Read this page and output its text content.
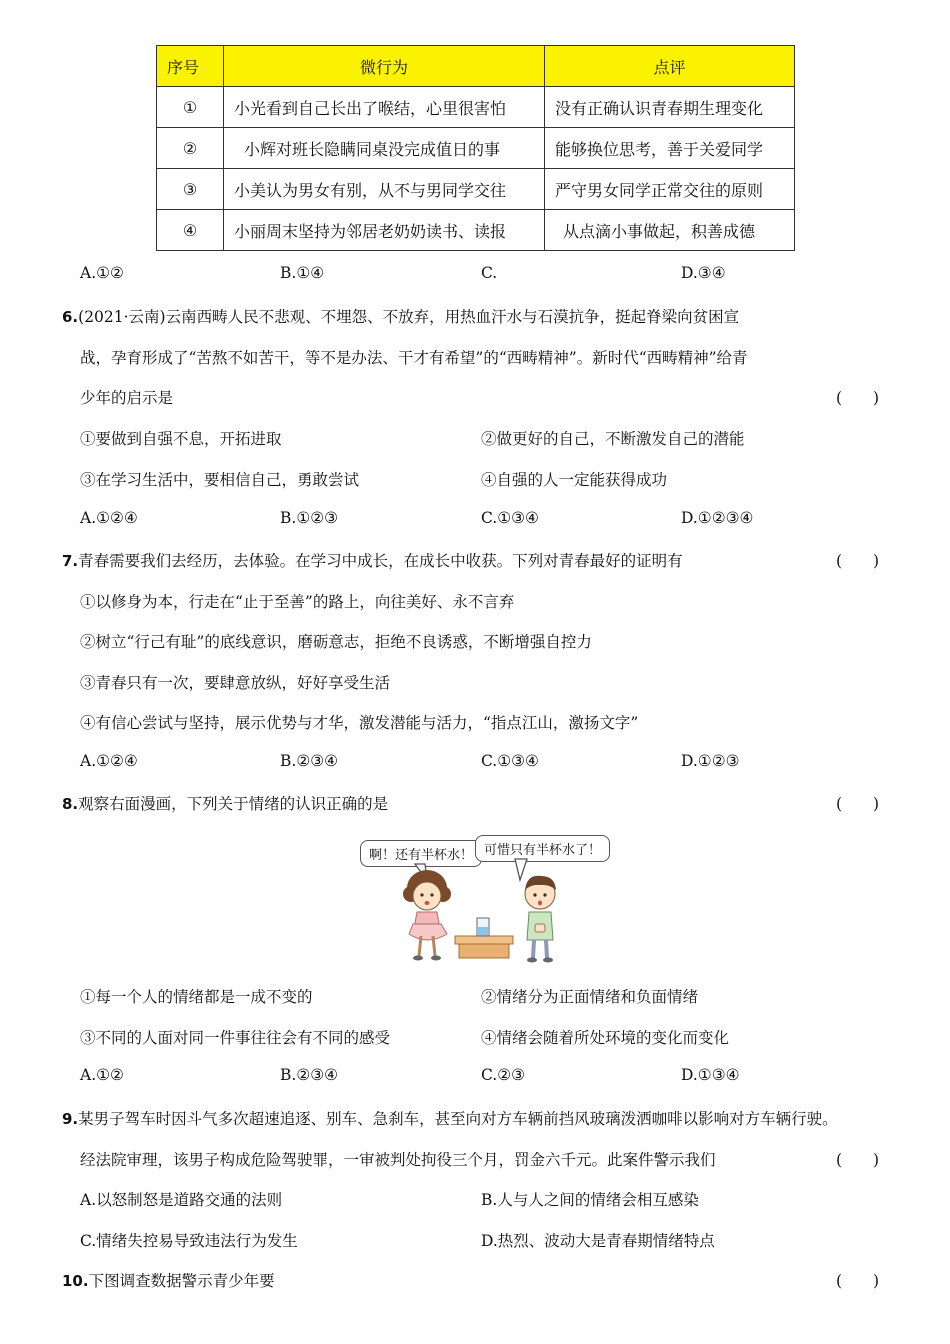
序号	微行为	点评
①	小光看到自己长出了喉结，心里很害怕	没有正确认识青春期生理变化
②	小辉对班长隐瞒同桌没完成值日的事	能够换位思考，善于关爱同学
③	小美认为男女有别，从不与男同学交往	严守男女同学正常交往的原则
④	小丽周末坚持为邻居老奶奶读书、读报	从点滴小事做起，积善成德
A.①②	B.①④	C.	D.③④
6.(2021·云南)云南西畴人民不悲观、不埋怨、不放弃，用热血汗水与石漠抗争，挺起脊梁向贫困宣
战，孕育形成了“苦熬不如苦干，等不是办法、干才有希望”的“西畴精神”。新时代“西畴精神”给青
少年的启示是	(　　)
①要做到自强不息，开拓进取	②做更好的自己，不断激发自己的潜能
③在学习生活中，要相信自己，勇敢尝试	④自强的人一定能获得成功
A.①②④	B.①②③	C.①③④	D.①②③④
7.青春需要我们去经历，去体验。在学习中成长，在成长中收获。下列对青春最好的证明有	(　　)
①以修身为本，行走在“止于至善”的路上，向往美好、永不言弃
②树立“行己有耻”的底线意识，磨砺意志，拒绝不良诱惑，不断增强自控力
③青春只有一次，要肆意放纵，好好享受生活
④有信心尝试与坚持，展示优势与才华，激发潜能与活力，“指点江山，激扬文字”
A.①②④	B.②③④	C.①③④	D.①②③
8.观察右面漫画，下列关于情绪的认识正确的是	(　　)
啊！还有半杯水！ 可惜只有半杯水了！
①每一个人的情绪都是一成不变的	②情绪分为正面情绪和负面情绪
③不同的人面对同一件事往往会有不同的感受	④情绪会随着所处环境的变化而变化
A.①②	B.②③④	C.②③	D.①③④
9.某男子驾车时因斗气多次超速追逐、别车、急刹车，甚至向对方车辆前挡风玻璃泼洒咖啡以影响对方车辆行驶。
经法院审理，该男子构成危险驾驶罪，一审被判处拘役三个月，罚金六千元。此案件警示我们	(　　)
A.以怒制怒是道路交通的法则	B.人与人之间的情绪会相互感染
C.情绪失控易导致违法行为发生	D.热烈、波动大是青春期情绪特点
10.下图调查数据警示青少年要	(　　)
